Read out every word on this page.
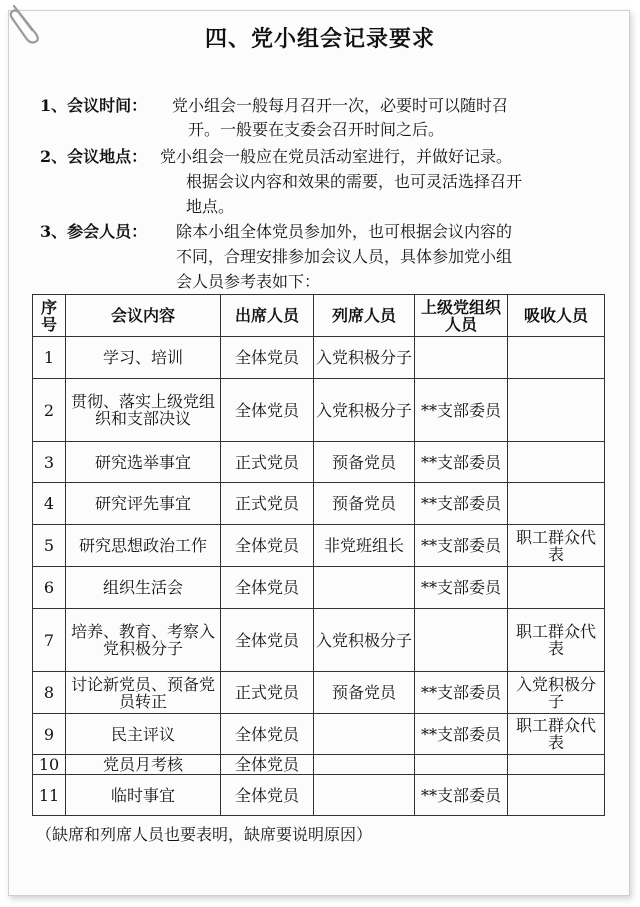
四、党小组会记录要求
1、会议时间： 党小组会一般每月召开一次，必要时可以随时召
开。一般要在支委会召开时间之后。
2、会议地点： 党小组会一般应在党员活动室进行，并做好记录。
根据会议内容和效果的需要，也可灵活选择召开
地点。
3、参会人员： 除本小组全体党员参加外，也可根据会议内容的
不同，合理安排参加会议人员，具体参加党小组
会人员参考表如下：
序号	会议内容	出席人员	列席人员	上级党组织人员	吸收人员
1	学习、培训	全体党员	入党积极分子		
2	贯彻、落实上级党组织和支部决议	全体党员	入党积极分子	**支部委员	
3	研究选举事宜	正式党员	预备党员	**支部委员	
4	研究评先事宜	正式党员	预备党员	**支部委员	
5	研究思想政治工作	全体党员	非党班组长	**支部委员	职工群众代表
6	组织生活会	全体党员		**支部委员	
7	培养、教育、考察入党积极分子	全体党员	入党积极分子		职工群众代表
8	讨论新党员、预备党员转正	正式党员	预备党员	**支部委员	入党积极分子
9	民主评议	全体党员		**支部委员	职工群众代表
10	党员月考核	全体党员			
11	临时事宜	全体党员		**支部委员	
（缺席和列席人员也要表明，缺席要说明原因）
